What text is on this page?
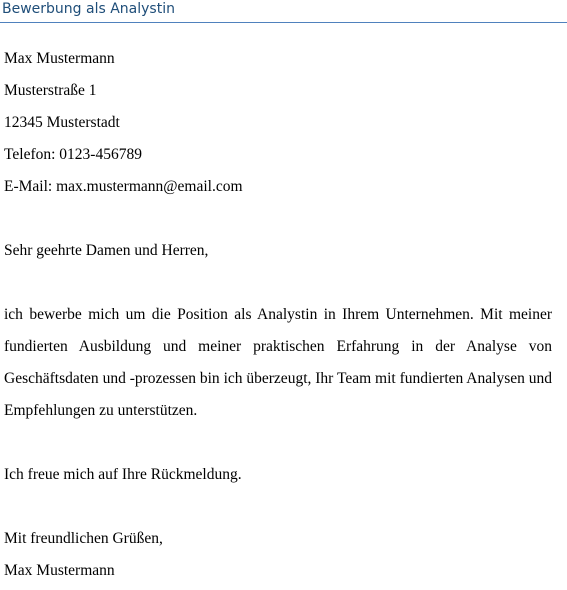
Bewerbung als Analystin
Max Mustermann
Musterstraße 1
12345 Musterstadt
Telefon: 0123-456789
E-Mail: max.mustermann@email.com
Sehr geehrte Damen und Herren,
ich bewerbe mich um die Position als Analystin in Ihrem Unternehmen. Mit meiner fundierten Ausbildung und meiner praktischen Erfahrung in der Analyse von Geschäftsdaten und -prozessen bin ich überzeugt, Ihr Team mit fundierten Analysen und Empfehlungen zu unterstützen.
Ich freue mich auf Ihre Rückmeldung.
Mit freundlichen Grüßen,
Max Mustermann
